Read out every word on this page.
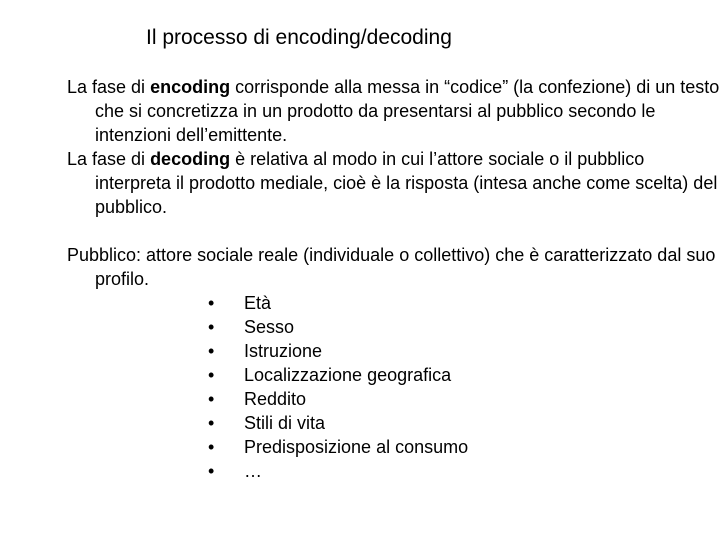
Il processo di encoding/decoding
La fase di encoding corrisponde alla messa in “codice” (la confezione) di un testo che si concretizza in un prodotto da presentarsi al pubblico secondo le intenzioni dell’emittente.
La fase di decoding è relativa al modo in cui l’attore sociale o il pubblico interpreta il prodotto mediale, cioè è la risposta (intesa anche come scelta) del pubblico.
Pubblico: attore sociale reale (individuale o collettivo) che è caratterizzato dal suo profilo.
•	Età
•	Sesso
•	Istruzione
•	Localizzazione geografica
•	Reddito
•	Stili di vita
•	Predisposizione al consumo
•	…
